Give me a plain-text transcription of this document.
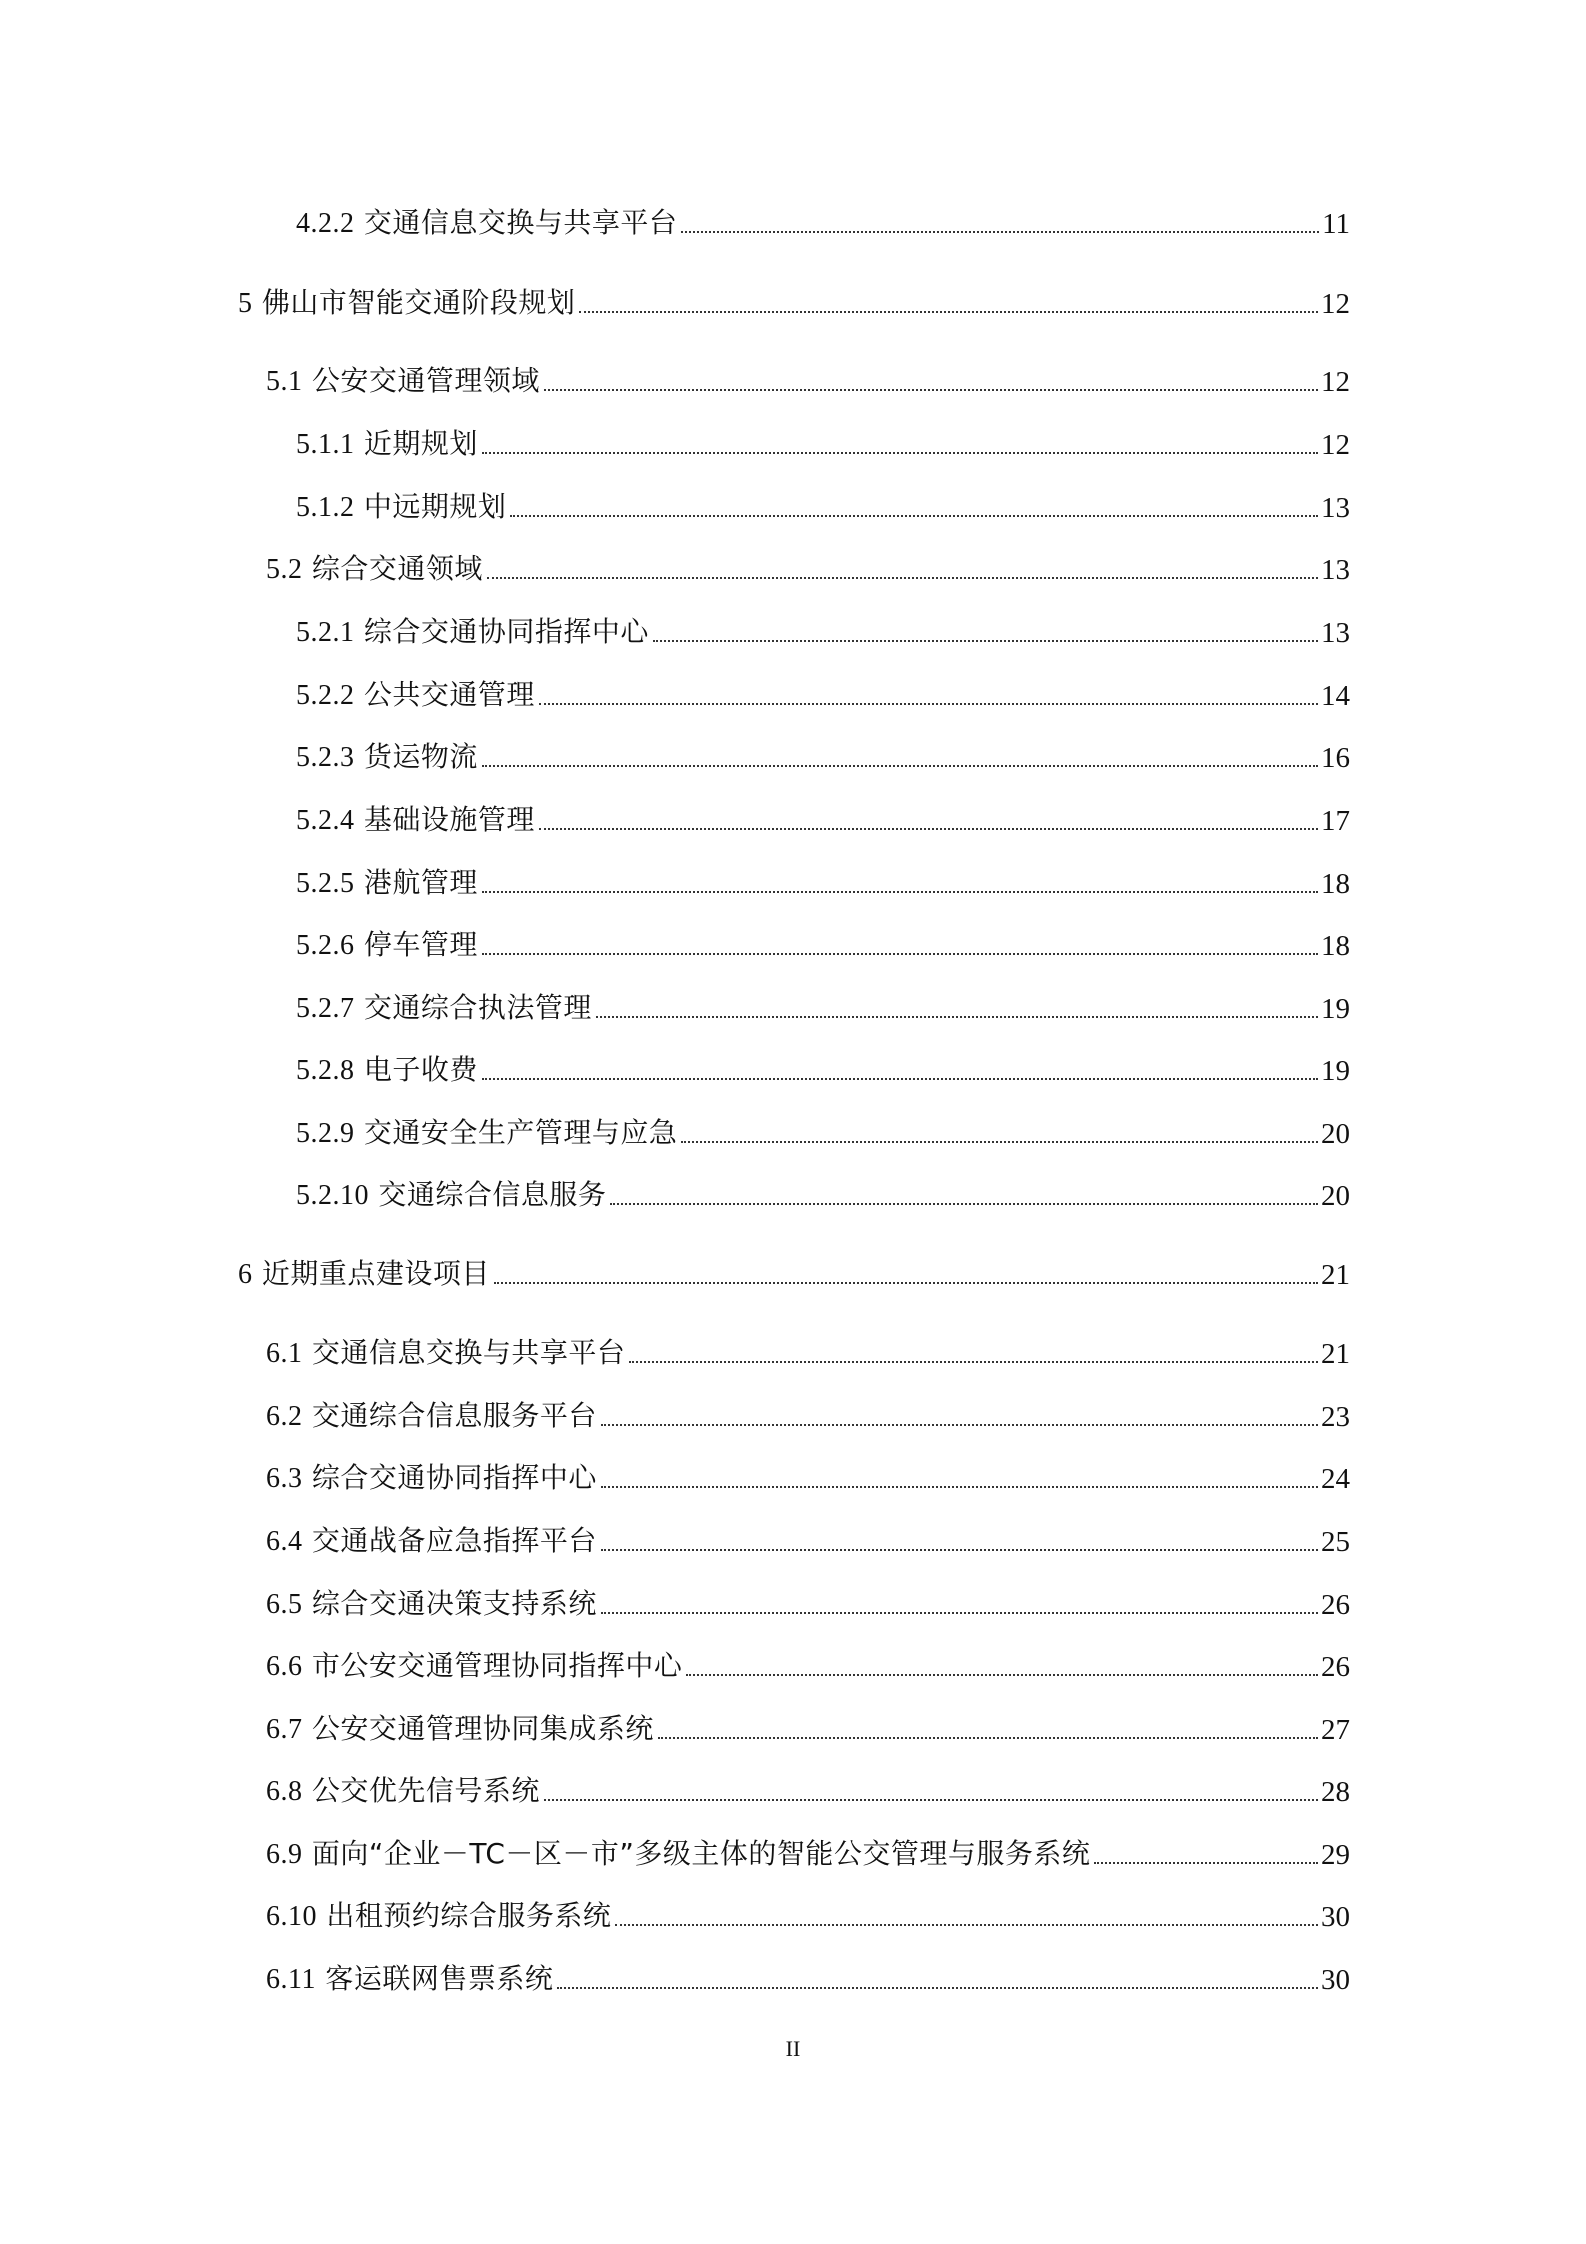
4.2.2 交通信息交换与共享平台	11
5 佛山市智能交通阶段规划	12
5.1 公安交通管理领域	12
5.1.1 近期规划	12
5.1.2 中远期规划	13
5.2 综合交通领域	13
5.2.1 综合交通协同指挥中心	13
5.2.2 公共交通管理	14
5.2.3 货运物流	16
5.2.4 基础设施管理	17
5.2.5 港航管理	18
5.2.6 停车管理	18
5.2.7 交通综合执法管理	19
5.2.8 电子收费	19
5.2.9 交通安全生产管理与应急	20
5.2.10 交通综合信息服务	20
6 近期重点建设项目	21
6.1 交通信息交换与共享平台	21
6.2 交通综合信息服务平台	23
6.3 综合交通协同指挥中心	24
6.4 交通战备应急指挥平台	25
6.5 综合交通决策支持系统	26
6.6 市公安交通管理协同指挥中心	26
6.7 公安交通管理协同集成系统	27
6.8 公交优先信号系统	28
6.9 面向“企业－TC－区－市”多级主体的智能公交管理与服务系统	29
6.10 出租预约综合服务系统	30
6.11 客运联网售票系统	30
II
